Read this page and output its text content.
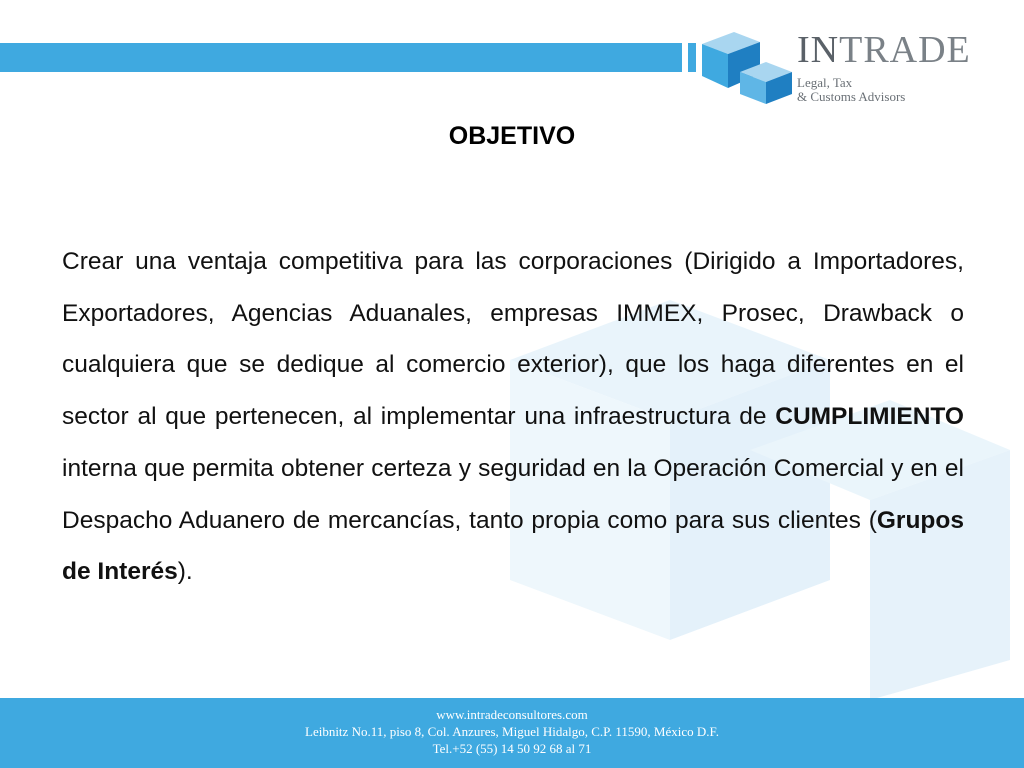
INTRADE
Legal, Tax
& Customs Advisors
OBJETIVO
Crear una ventaja competitiva para las corporaciones (Dirigido a Importadores, Exportadores, Agencias Aduanales, empresas IMMEX, Prosec, Drawback o cualquiera que se dedique al comercio exterior), que los haga diferentes en el sector al que pertenecen, al implementar una infraestructura de CUMPLIMIENTO interna que permita obtener certeza y seguridad en la Operación Comercial y en el Despacho Aduanero de mercancías, tanto propia como para sus clientes (Grupos de Interés).
www.intradeconsultores.com
Leibnitz No.11, piso 8, Col. Anzures, Miguel Hidalgo, C.P. 11590, México D.F.
Tel.+52 (55) 14 50 92 68 al 71
